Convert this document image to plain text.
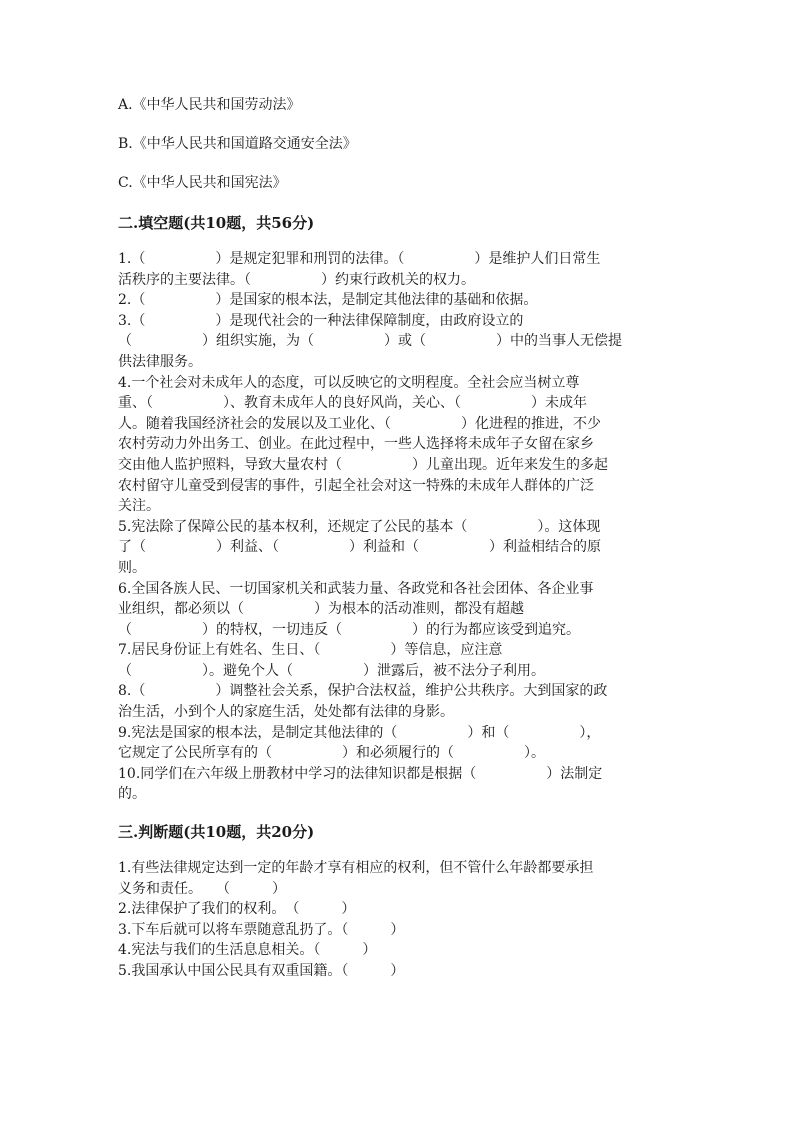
A.《中华人民共和国劳动法》

B.《中华人民共和国道路交通安全法》

C.《中华人民共和国宪法》

二.填空题(共10题，共56分)
1.（　　　　　）是规定犯罪和刑罚的法律。（　　　　　）是维护人们日常生
活秩序的主要法律。（　　　　　）约束行政机关的权力。
2.（　　　　　）是国家的根本法，是制定其他法律的基础和依据。
3.（　　　　　）是现代社会的一种法律保障制度，由政府设立的
（　　　　　）组织实施，为（　　　　　）或（　　　　　）中的当事人无偿提
供法律服务。
4.一个社会对未成年人的态度，可以反映它的文明程度。全社会应当树立尊
重、（　　　　　）、教育未成年人的良好风尚，关心、（　　　　　）未成年
人。随着我国经济社会的发展以及工业化、（　　　　　）化进程的推进，不少
农村劳动力外出务工、创业。在此过程中，一些人选择将未成年子女留在家乡
交由他人监护照料，导致大量农村（　　　　　）儿童出现。近年来发生的多起
农村留守儿童受到侵害的事件，引起全社会对这一特殊的未成年人群体的广泛
关注。
5.宪法除了保障公民的基本权利，还规定了公民的基本（　　　　　）。这体现
了（　　　　　）利益、（　　　　　）利益和（　　　　　）利益相结合的原
则。
6.全国各族人民、一切国家机关和武装力量、各政党和各社会团体、各企业事
业组织，都必须以（　　　　　）为根本的活动准则，都没有超越
（　　　　　）的特权，一切违反（　　　　　）的行为都应该受到追究。
7.居民身份证上有姓名、生日、（　　　　　）等信息，应注意
（　　　　　）。避免个人（　　　　　）泄露后，被不法分子利用。
8.（　　　　　）调整社会关系，保护合法权益，维护公共秩序。大到国家的政
治生活，小到个人的家庭生活，处处都有法律的身影。
9.宪法是国家的根本法，是制定其他法律的（　　　　　）和（　　　　　），
它规定了公民所享有的（　　　　　）和必须履行的（　　　　　）。
10.同学们在六年级上册教材中学习的法律知识都是根据（　　　　　）法制定
的。
三.判断题(共10题，共20分)
1.有些法律规定达到一定的年龄才享有相应的权利，但不管什么年龄都要承担
义务和责任。　　（　　　）
2.法律保护了我们的权利。　（　　　）
3.下车后就可以将车票随意乱扔了。（　　　）
4.宪法与我们的生活息息相关。（　　　）
5.我国承认中国公民具有双重国籍。（　　　）
